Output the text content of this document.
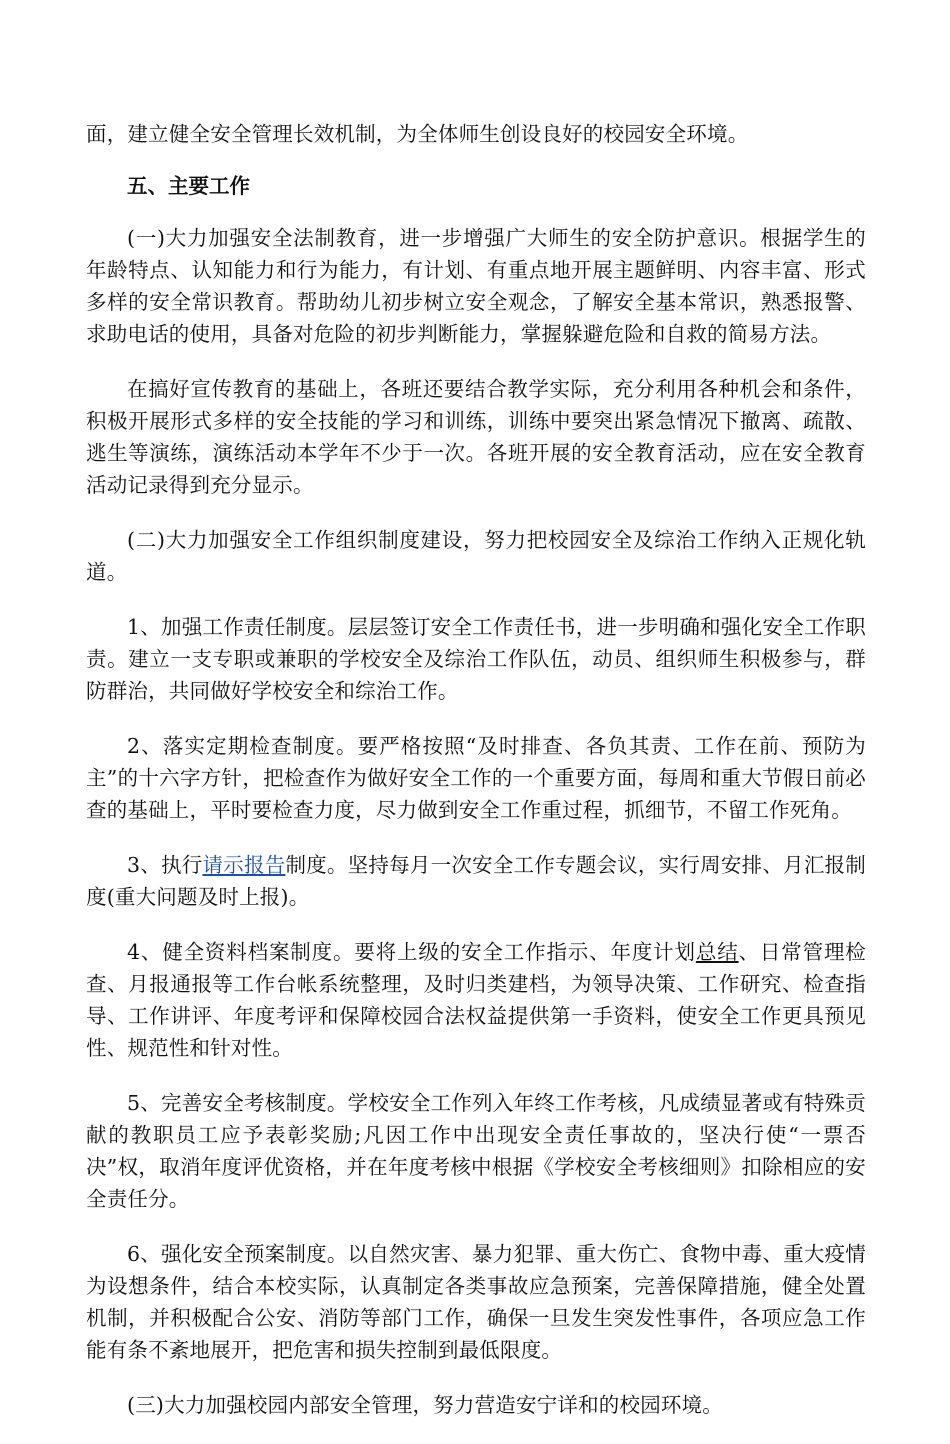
面，建立健全安全管理长效机制，为全体师生创设良好的校园安全环境。

五、主要工作

(一)大力加强安全法制教育，进一步增强广大师生的安全防护意识。根据学生的年龄特点、认知能力和行为能力，有计划、有重点地开展主题鲜明、内容丰富、形式多样的安全常识教育。帮助幼儿初步树立安全观念，了解安全基本常识，熟悉报警、求助电话的使用，具备对危险的初步判断能力，掌握躲避危险和自救的简易方法。

在搞好宣传教育的基础上，各班还要结合教学实际，充分利用各种机会和条件，积极开展形式多样的安全技能的学习和训练，训练中要突出紧急情况下撤离、疏散、逃生等演练，演练活动本学年不少于一次。各班开展的安全教育活动，应在安全教育活动记录得到充分显示。

(二)大力加强安全工作组织制度建设，努力把校园安全及综治工作纳入正规化轨道。

1、加强工作责任制度。层层签订安全工作责任书，进一步明确和强化安全工作职责。建立一支专职或兼职的学校安全及综治工作队伍，动员、组织师生积极参与，群防群治，共同做好学校安全和综治工作。

2、落实定期检查制度。要严格按照“及时排查、各负其责、工作在前、预防为主”的十六字方针，把检查作为做好安全工作的一个重要方面，每周和重大节假日前必查的基础上，平时要检查力度，尽力做到安全工作重过程，抓细节，不留工作死角。

3、执行请示报告制度。坚持每月一次安全工作专题会议，实行周安排、月汇报制度(重大问题及时上报)。

4、健全资料档案制度。要将上级的安全工作指示、年度计划总结、日常管理检查、月报通报等工作台帐系统整理，及时归类建档，为领导决策、工作研究、检查指导、工作讲评、年度考评和保障校园合法权益提供第一手资料，使安全工作更具预见性、规范性和针对性。

5、完善安全考核制度。学校安全工作列入年终工作考核，凡成绩显著或有特殊贡献的教职员工应予表彰奖励;凡因工作中出现安全责任事故的，坚决行使“一票否决”权，取消年度评优资格，并在年度考核中根据《学校安全考核细则》扣除相应的安全责任分。

6、强化安全预案制度。以自然灾害、暴力犯罪、重大伤亡、食物中毒、重大疫情为设想条件，结合本校实际，认真制定各类事故应急预案，完善保障措施，健全处置机制，并积极配合公安、消防等部门工作，确保一旦发生突发性事件，各项应急工作能有条不紊地展开，把危害和损失控制到最低限度。

(三)大力加强校园内部安全管理，努力营造安宁详和的校园环境。
